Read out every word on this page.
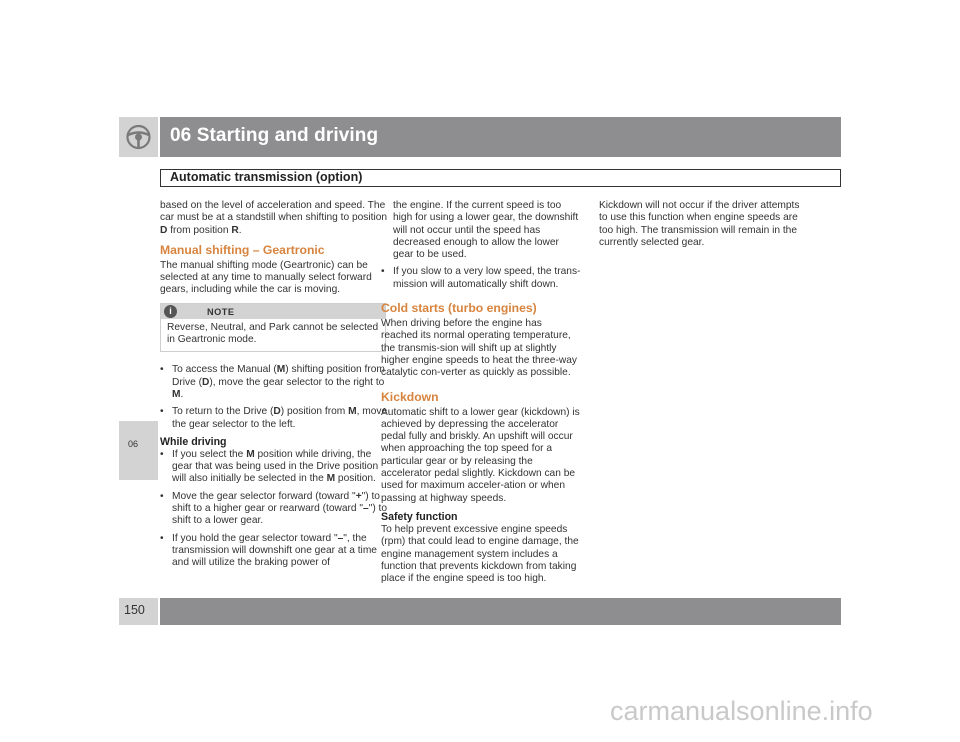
06 Starting and driving
Automatic transmission (option)
06

based on the level of acceleration and speed. The car must be at a standstill when shifting to position D from position R.

Manual shifting – Geartronic

The manual shifting mode (Geartronic) can be selected at any time to manually select forward gears, including while the car is moving.

i	NOTE
Reverse, Neutral, and Park cannot be selected in Geartronic mode.
• To access the Manual (M) shifting position from Drive (D), move the gear selector to the right to M.
• To return to the Drive (D) position from M, move the gear selector to the left.
While driving
• If you select the M position while driving, the gear that was being used in the Drive position will also initially be selected in the M position.
• Move the gear selector forward (toward "+") to shift to a higher gear or rearward (toward "–") to shift to a lower gear.
• If you hold the gear selector toward "–", the transmission will downshift one gear at a time and will utilize the braking power of
the engine. If the current speed is too high for using a lower gear, the downshift will not occur until the speed has decreased enough to allow the lower gear to be used.
• If you slow to a very low speed, the trans-mission will automatically shift down.
Cold starts (turbo engines)

When driving before the engine has reached its normal operating temperature, the transmis-sion will shift up at slightly higher engine speeds to heat the three-way catalytic con-verter as quickly as possible.

Kickdown

Automatic shift to a lower gear (kickdown) is achieved by depressing the accelerator pedal fully and briskly. An upshift will occur when approaching the top speed for a particular gear or by releasing the accelerator pedal slightly. Kickdown can be used for maximum acceler-ation or when passing at highway speeds.

Safety function

To help prevent excessive engine speeds (rpm) that could lead to engine damage, the engine management system includes a function that prevents kickdown from taking place if the engine speed is too high.

Kickdown will not occur if the driver attempts to use this function when engine speeds are too high. The transmission will remain in the currently selected gear.

150
carmanualsonline.info
